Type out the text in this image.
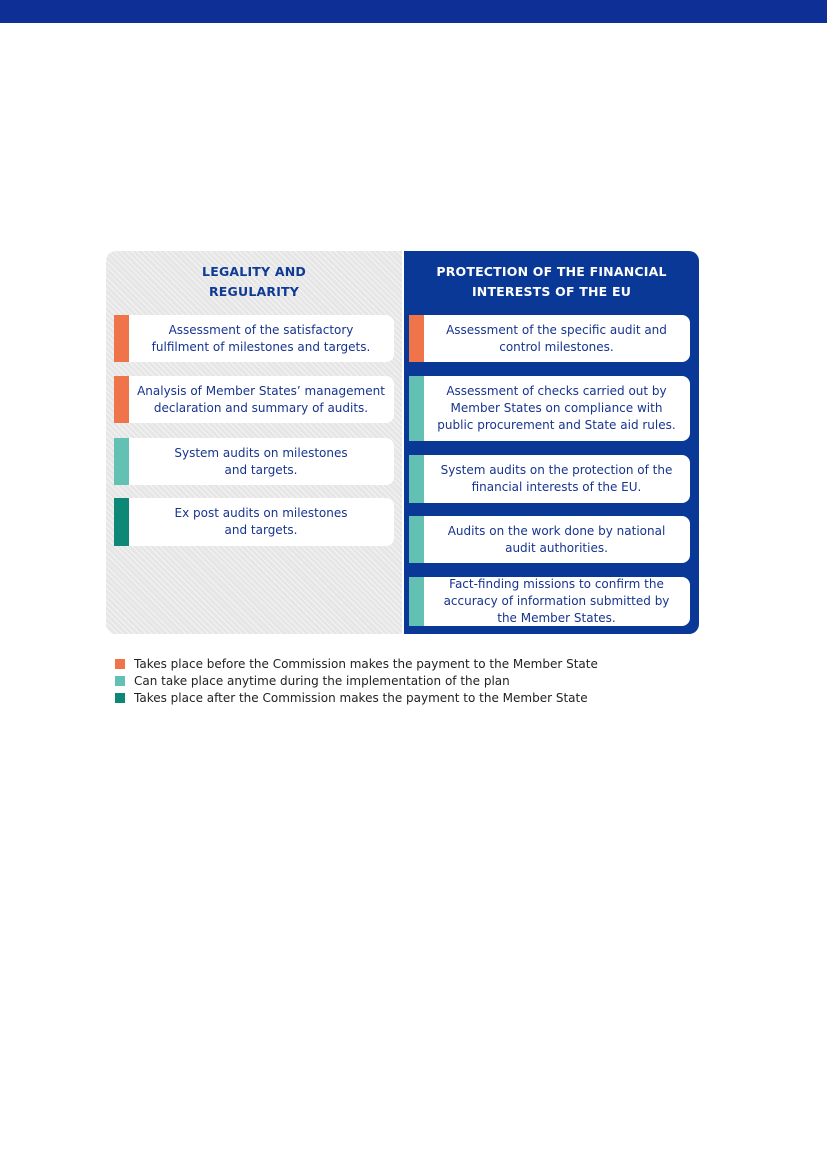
LEGALITY AND
REGULARITY
Assessment of the satisfactory
fulfilment of milestones and targets.
Analysis of Member States’ management
declaration and summary of audits.
System audits on milestones
and targets.
Ex post audits on milestones
and targets.
PROTECTION OF THE FINANCIAL
INTERESTS OF THE EU
Assessment of the specific audit and
control milestones.
Assessment of checks carried out by
Member States on compliance with
public procurement and State aid rules.
System audits on the protection of the
financial interests of the EU.
Audits on the work done by national
audit authorities.
Fact-finding missions to confirm the
accuracy of information submitted by
the Member States.
Takes place before the Commission makes the payment to the Member State
Can take place anytime during the implementation of the plan
Takes place after the Commission makes the payment to the Member State
